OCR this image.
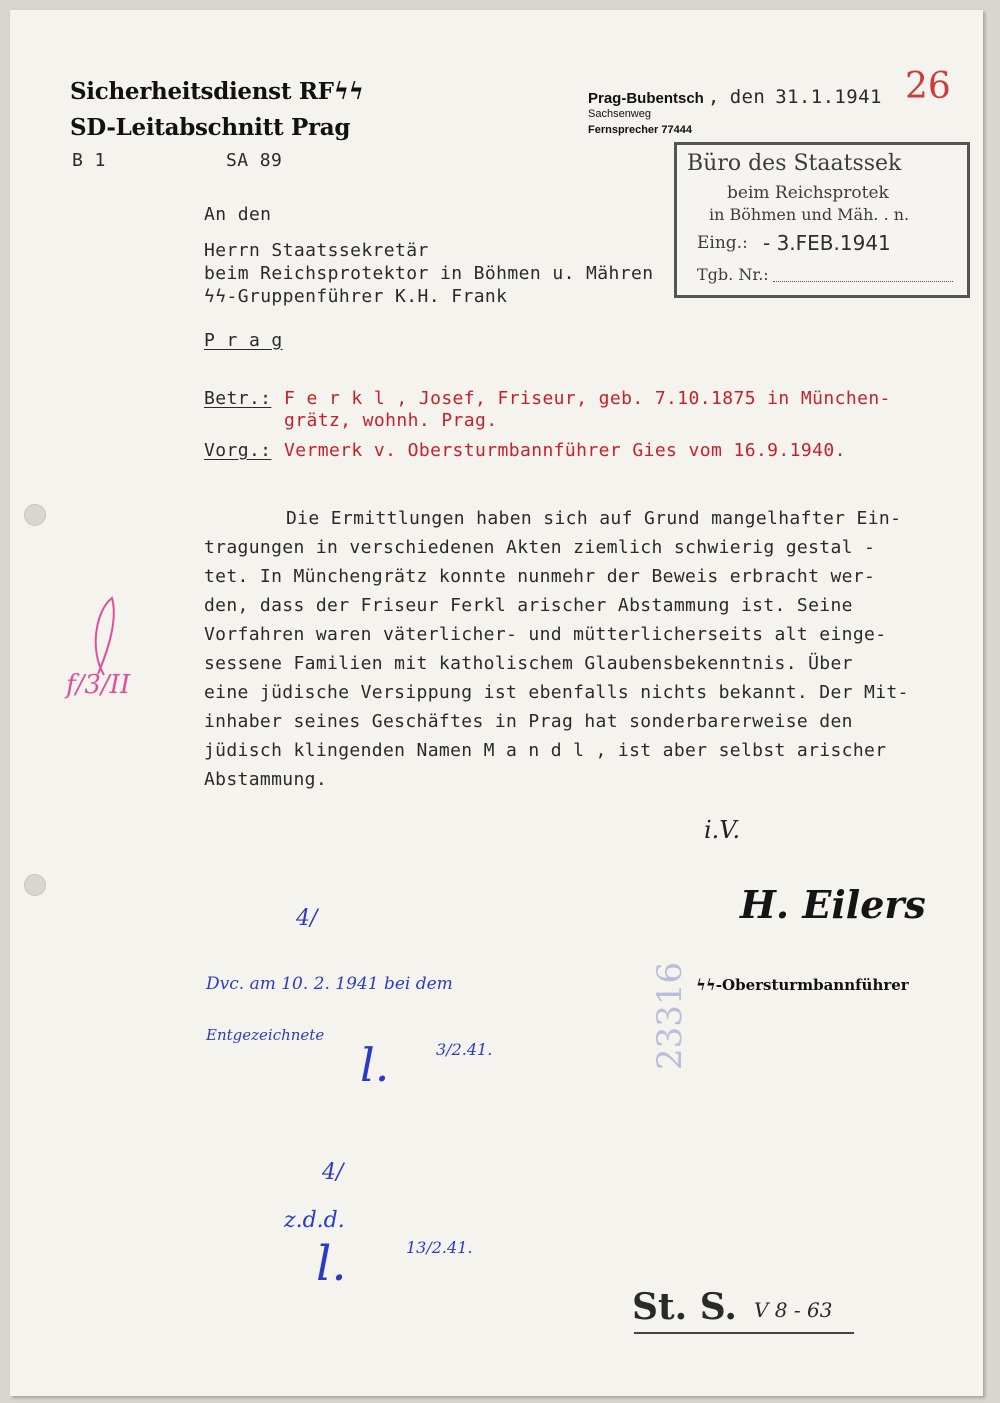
Sicherheitsdienst RFϟϟ
SD-Leitabschnitt Prag
B 1	SA 89
Prag-Bubentsch , den 31.1.1941
Sachsenweg
Fernsprecher 77444
26
Büro des Staatssek
beim Reichsprotek
in Böhmen und Mäh. . n.
Eing.: - 3.FEB.1941
Tgb. Nr.:
An den
Herrn Staatssekretär
beim Reichsprotektor in Böhmen u. Mähren
ϟϟ-Gruppenführer K.H. Frank
P r a g
Betr.: F e r k l , Josef, Friseur, geb. 7.10.1875 in München-
grätz, wohnh. Prag.
Vorg.: Vermerk v. Obersturmbannführer Gies vom 16.9.1940.
Die Ermittlungen haben sich auf Grund mangelhafter Ein-
tragungen in verschiedenen Akten ziemlich schwierig gestal -
tet. In Münchengrätz konnte nunmehr der Beweis erbracht wer-
den, dass der Friseur Ferkl arischer Abstammung ist. Seine
Vorfahren waren väterlicher- und mütterlicherseits alt einge-
sessene Familien mit katholischem Glaubensbekenntnis. Über
eine jüdische Versippung ist ebenfalls nichts bekannt. Der Mit-
inhaber seines Geschäftes in Prag hat sonderbarerweise den
jüdisch klingenden Namen M a n d l , ist aber selbst arischer
Abstammung.
f/3/II
i.V.
H. Eilers
ϟϟ-Obersturmbannführer
4/
Dvc. am 10. 2. 1941 bei dem
Entgezeichnete
l.	3/2.41.
4/
z.d.d.
l.	13/2.41.
23316
St. S. V 8 - 63
